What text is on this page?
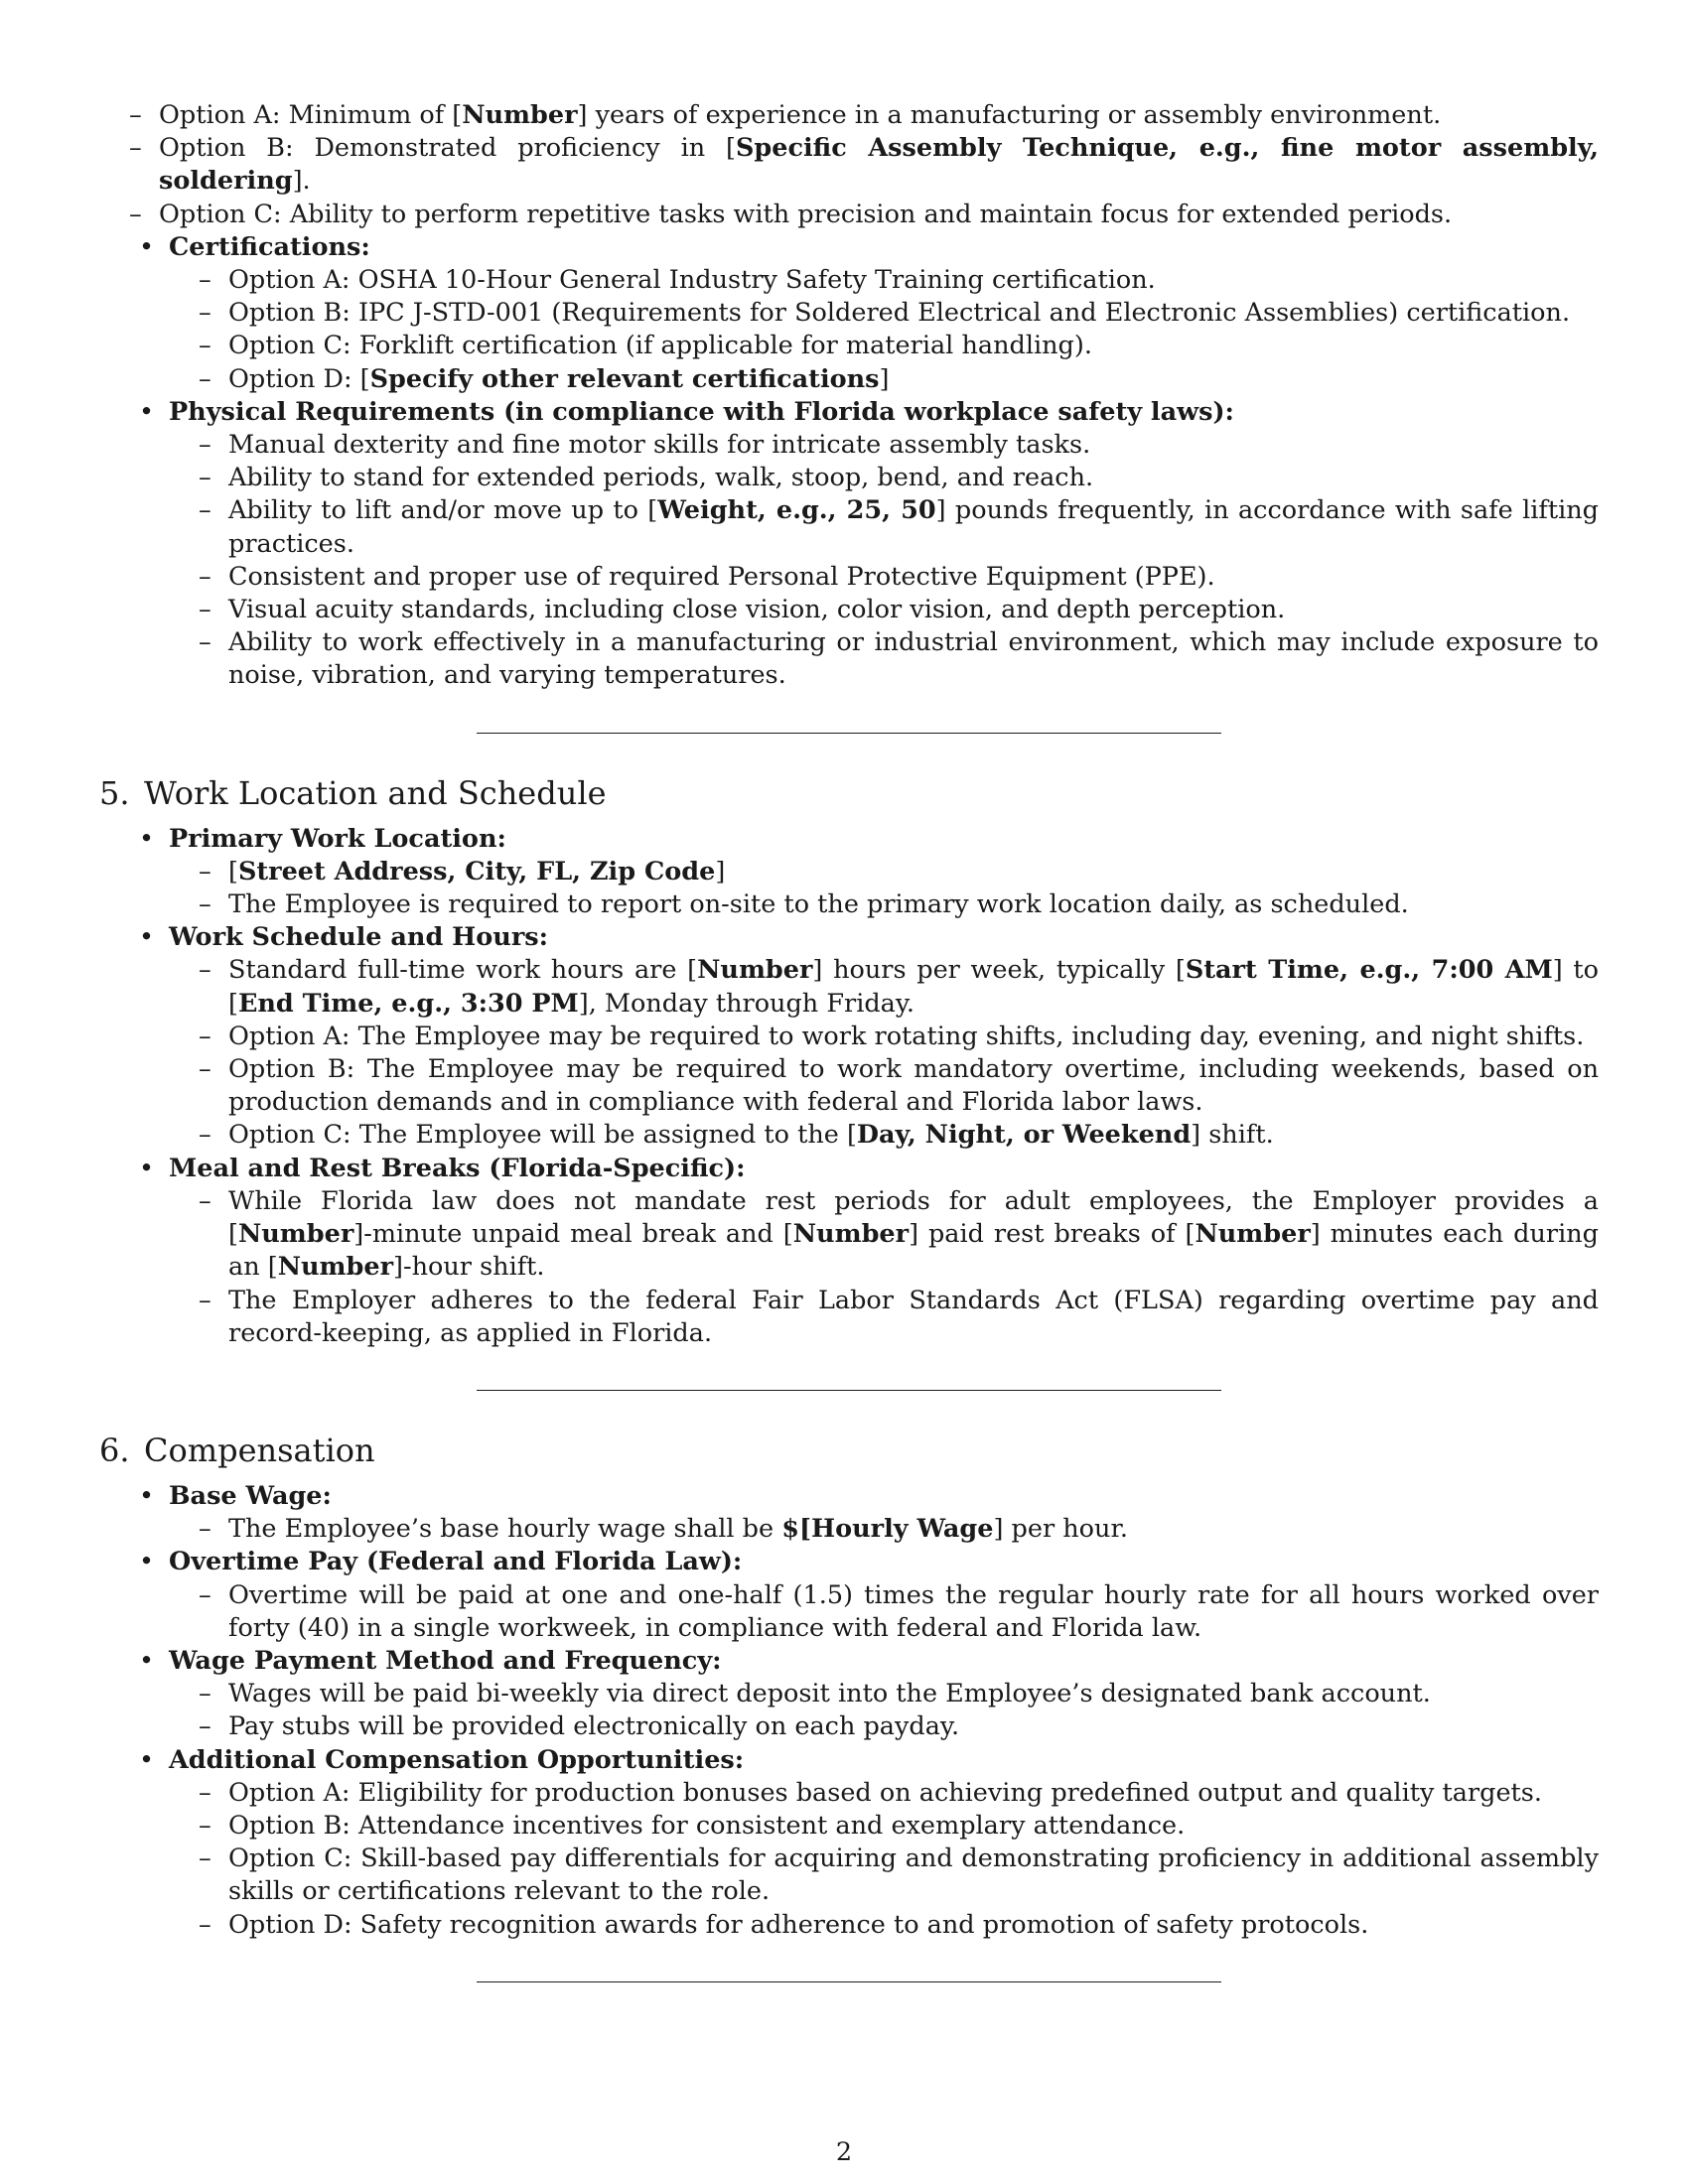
– Option A: Minimum of [Number] years of experience in a manufacturing or assembly environment.
– Option B: Demonstrated proficiency in [Specific Assembly Technique, e.g., fine motor assembly, soldering].
– Option C: Ability to perform repetitive tasks with precision and maintain focus for extended periods.
• Certifications:
– Option A: OSHA 10-Hour General Industry Safety Training certification.
– Option B: IPC J-STD-001 (Requirements for Soldered Electrical and Electronic Assemblies) certification.
– Option C: Forklift certification (if applicable for material handling).
– Option D: [Specify other relevant certifications]
• Physical Requirements (in compliance with Florida workplace safety laws):
– Manual dexterity and fine motor skills for intricate assembly tasks.
– Ability to stand for extended periods, walk, stoop, bend, and reach.
– Ability to lift and/or move up to [Weight, e.g., 25, 50] pounds frequently, in accordance with safe lifting practices.
– Consistent and proper use of required Personal Protective Equipment (PPE).
– Visual acuity standards, including close vision, color vision, and depth perception.
– Ability to work effectively in a manufacturing or industrial environment, which may include exposure to noise, vibration, and varying temperatures.
5. Work Location and Schedule
• Primary Work Location:
– [Street Address, City, FL, Zip Code]
– The Employee is required to report on-site to the primary work location daily, as scheduled.
• Work Schedule and Hours:
– Standard full-time work hours are [Number] hours per week, typically [Start Time, e.g., 7:00 AM] to [End Time, e.g., 3:30 PM], Monday through Friday.
– Option A: The Employee may be required to work rotating shifts, including day, evening, and night shifts.
– Option B: The Employee may be required to work mandatory overtime, including weekends, based on production demands and in compliance with federal and Florida labor laws.
– Option C: The Employee will be assigned to the [Day, Night, or Weekend] shift.
• Meal and Rest Breaks (Florida-Specific):
– While Florida law does not mandate rest periods for adult employees, the Employer provides a [Number]-minute unpaid meal break and [Number] paid rest breaks of [Number] minutes each during an [Number]-hour shift.
– The Employer adheres to the federal Fair Labor Standards Act (FLSA) regarding overtime pay and record-keeping, as applied in Florida.
6. Compensation
• Base Wage:
– The Employee’s base hourly wage shall be $[Hourly Wage] per hour.
• Overtime Pay (Federal and Florida Law):
– Overtime will be paid at one and one-half (1.5) times the regular hourly rate for all hours worked over forty (40) in a single workweek, in compliance with federal and Florida law.
• Wage Payment Method and Frequency:
– Wages will be paid bi-weekly via direct deposit into the Employee’s designated bank account.
– Pay stubs will be provided electronically on each payday.
• Additional Compensation Opportunities:
– Option A: Eligibility for production bonuses based on achieving predefined output and quality targets.
– Option B: Attendance incentives for consistent and exemplary attendance.
– Option C: Skill-based pay differentials for acquiring and demonstrating proficiency in additional assembly skills or certifications relevant to the role.
– Option D: Safety recognition awards for adherence to and promotion of safety protocols.
2
